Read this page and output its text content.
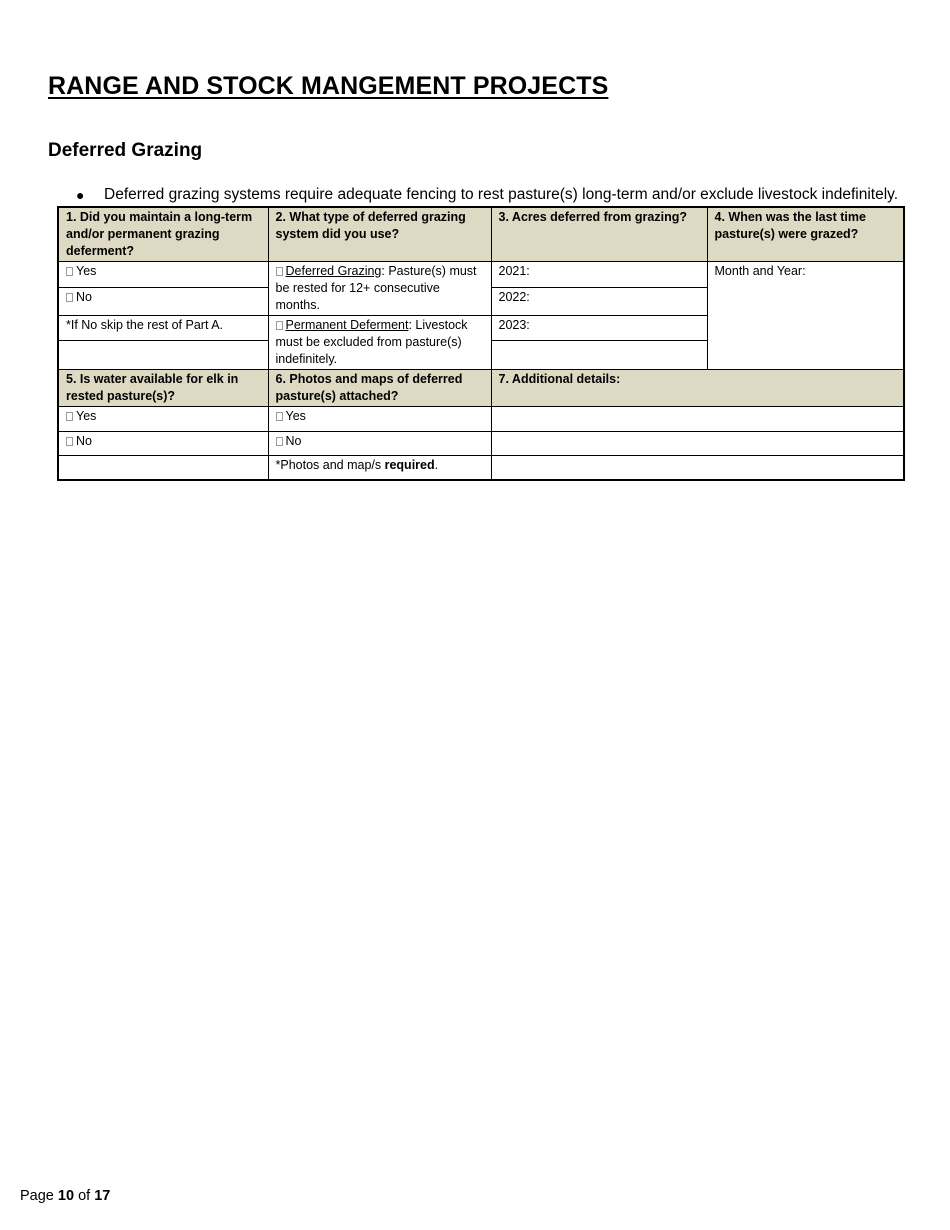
RANGE AND STOCK MANGEMENT PROJECTS
Deferred Grazing
● Deferred grazing systems require adequate fencing to rest pasture(s) long-term and/or exclude livestock indefinitely.
1. Did you maintain a long-term and/or permanent grazing deferment?	2. What type of deferred grazing system did you use?	3. Acres deferred from grazing?	4. When was the last time pasture(s) were grazed?
Yes	Deferred Grazing: Pasture(s) must be rested for 12+ consecutive months.	2021:	Month and Year:
No		2022:	
*If No skip the rest of Part A.	Permanent Deferment: Livestock must be excluded from pasture(s) indefinitely.	2023:	

5. Is water available for elk in rested pasture(s)?	6. Photos and maps of deferred pasture(s) attached?	7. Additional details:	
Yes	Yes		
No	No		
	*Photos and map/s required.		
Page 10 of 17
